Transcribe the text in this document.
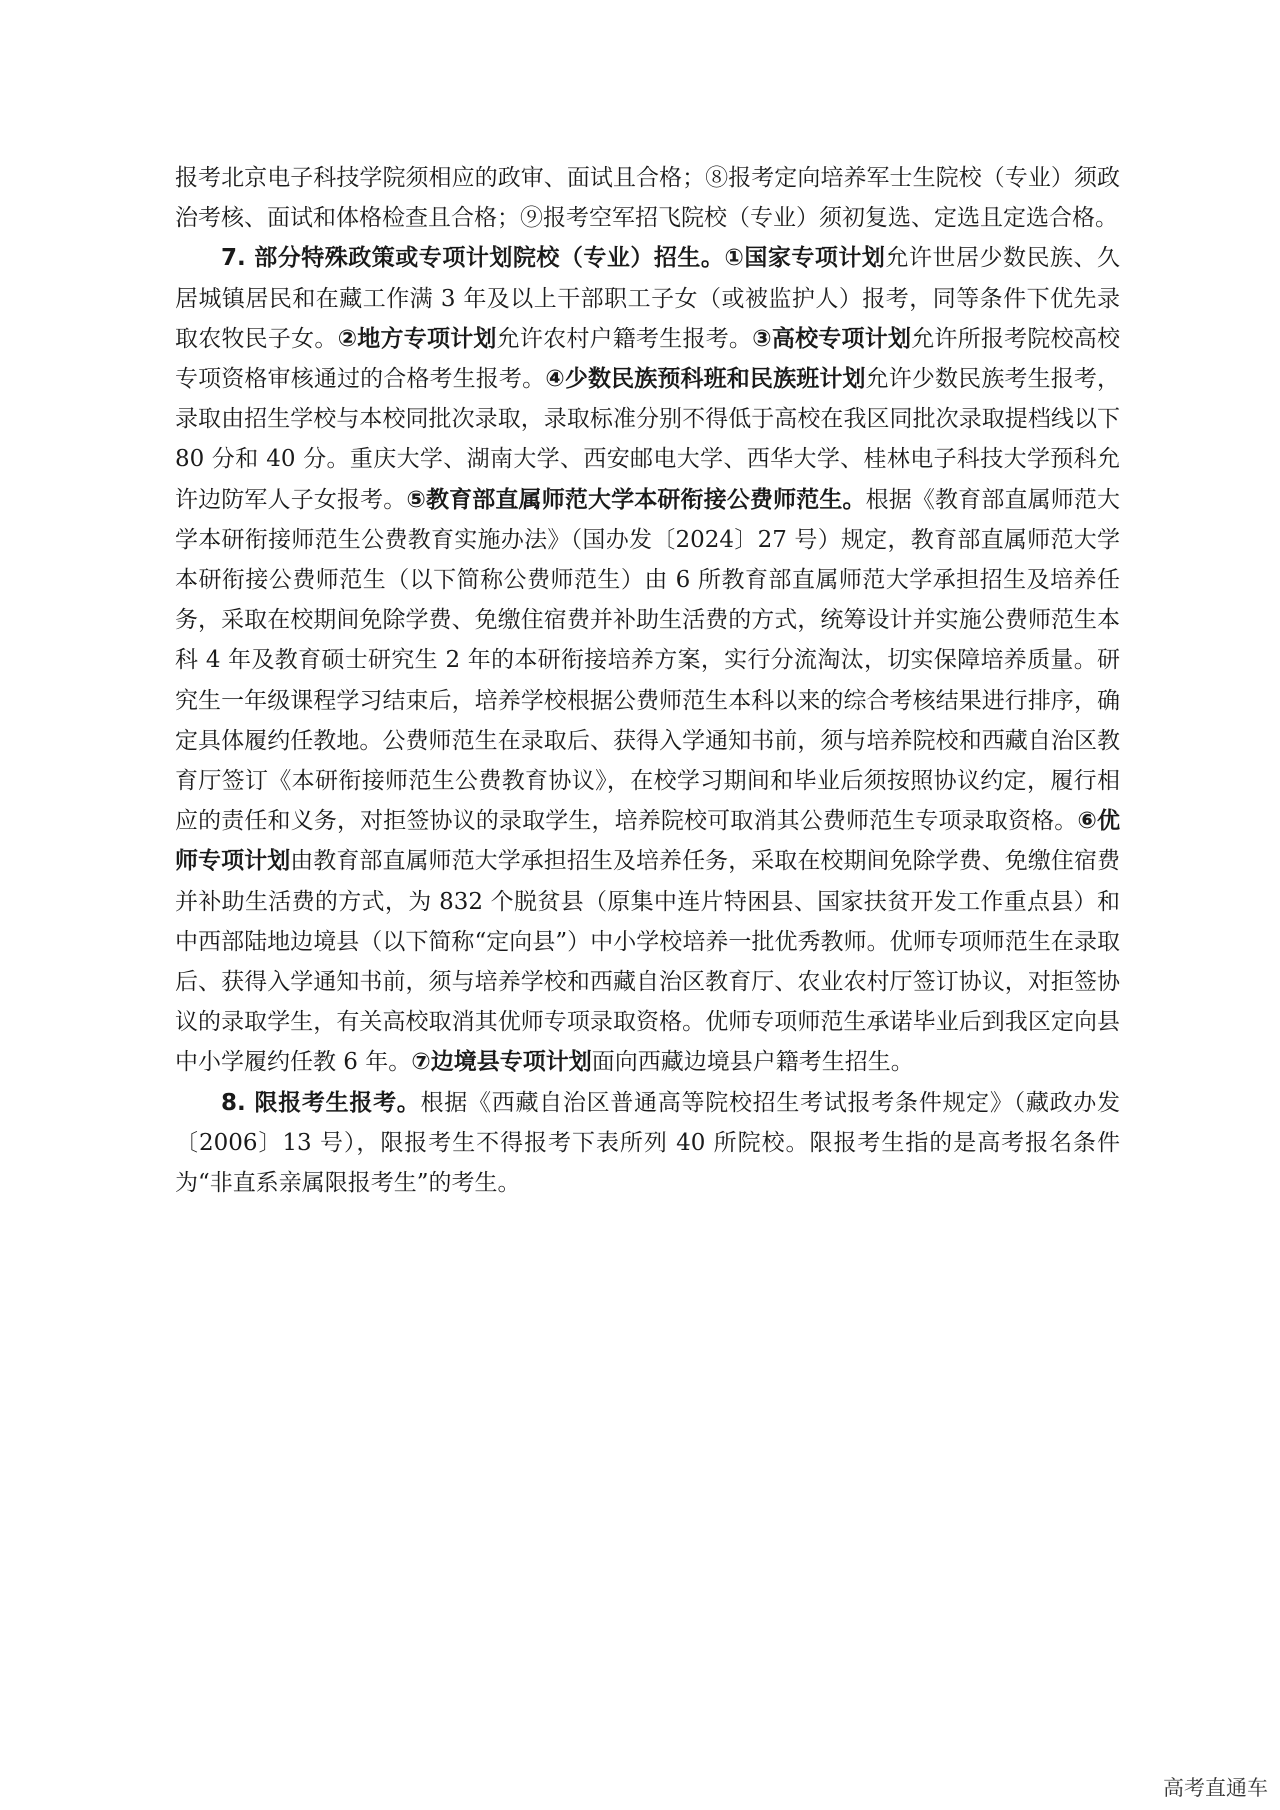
报考北京电子科技学院须相应的政审、面试且合格；⑧报考定向培养军士生院校（专业）须政治考核、面试和体格检查且合格；⑨报考空军招飞院校（专业）须初复选、定选且定选合格。

7. 部分特殊政策或专项计划院校（专业）招生。①国家专项计划允许世居少数民族、久居城镇居民和在藏工作满 3 年及以上干部职工子女（或被监护人）报考，同等条件下优先录取农牧民子女。②地方专项计划允许农村户籍考生报考。③高校专项计划允许所报考院校高校专项资格审核通过的合格考生报考。④少数民族预科班和民族班计划允许少数民族考生报考，录取由招生学校与本校同批次录取，录取标准分别不得低于高校在我区同批次录取提档线以下 80 分和 40 分。重庆大学、湖南大学、西安邮电大学、西华大学、桂林电子科技大学预科允许边防军人子女报考。⑤教育部直属师范大学本研衔接公费师范生。根据《教育部直属师范大学本研衔接师范生公费教育实施办法》（国办发〔2024〕27 号）规定，教育部直属师范大学本研衔接公费师范生（以下简称公费师范生）由 6 所教育部直属师范大学承担招生及培养任务，采取在校期间免除学费、免缴住宿费并补助生活费的方式，统筹设计并实施公费师范生本科 4 年及教育硕士研究生 2 年的本研衔接培养方案，实行分流淘汰，切实保障培养质量。研究生一年级课程学习结束后，培养学校根据公费师范生本科以来的综合考核结果进行排序，确定具体履约任教地。公费师范生在录取后、获得入学通知书前，须与培养院校和西藏自治区教育厅签订《本研衔接师范生公费教育协议》，在校学习期间和毕业后须按照协议约定，履行相应的责任和义务，对拒签协议的录取学生，培养院校可取消其公费师范生专项录取资格。⑥优师专项计划由教育部直属师范大学承担招生及培养任务，采取在校期间免除学费、免缴住宿费并补助生活费的方式，为 832 个脱贫县（原集中连片特困县、国家扶贫开发工作重点县）和中西部陆地边境县（以下简称“定向县”）中小学校培养一批优秀教师。优师专项师范生在录取后、获得入学通知书前，须与培养学校和西藏自治区教育厅、农业农村厅签订协议，对拒签协议的录取学生，有关高校取消其优师专项录取资格。优师专项师范生承诺毕业后到我区定向县中小学履约任教 6 年。⑦边境县专项计划面向西藏边境县户籍考生招生。

8. 限报考生报考。根据《西藏自治区普通高等院校招生考试报考条件规定》（藏政办发〔2006〕13 号），限报考生不得报考下表所列 40 所院校。限报考生指的是高考报名条件为“非直系亲属限报考生”的考生。

高考直通车
